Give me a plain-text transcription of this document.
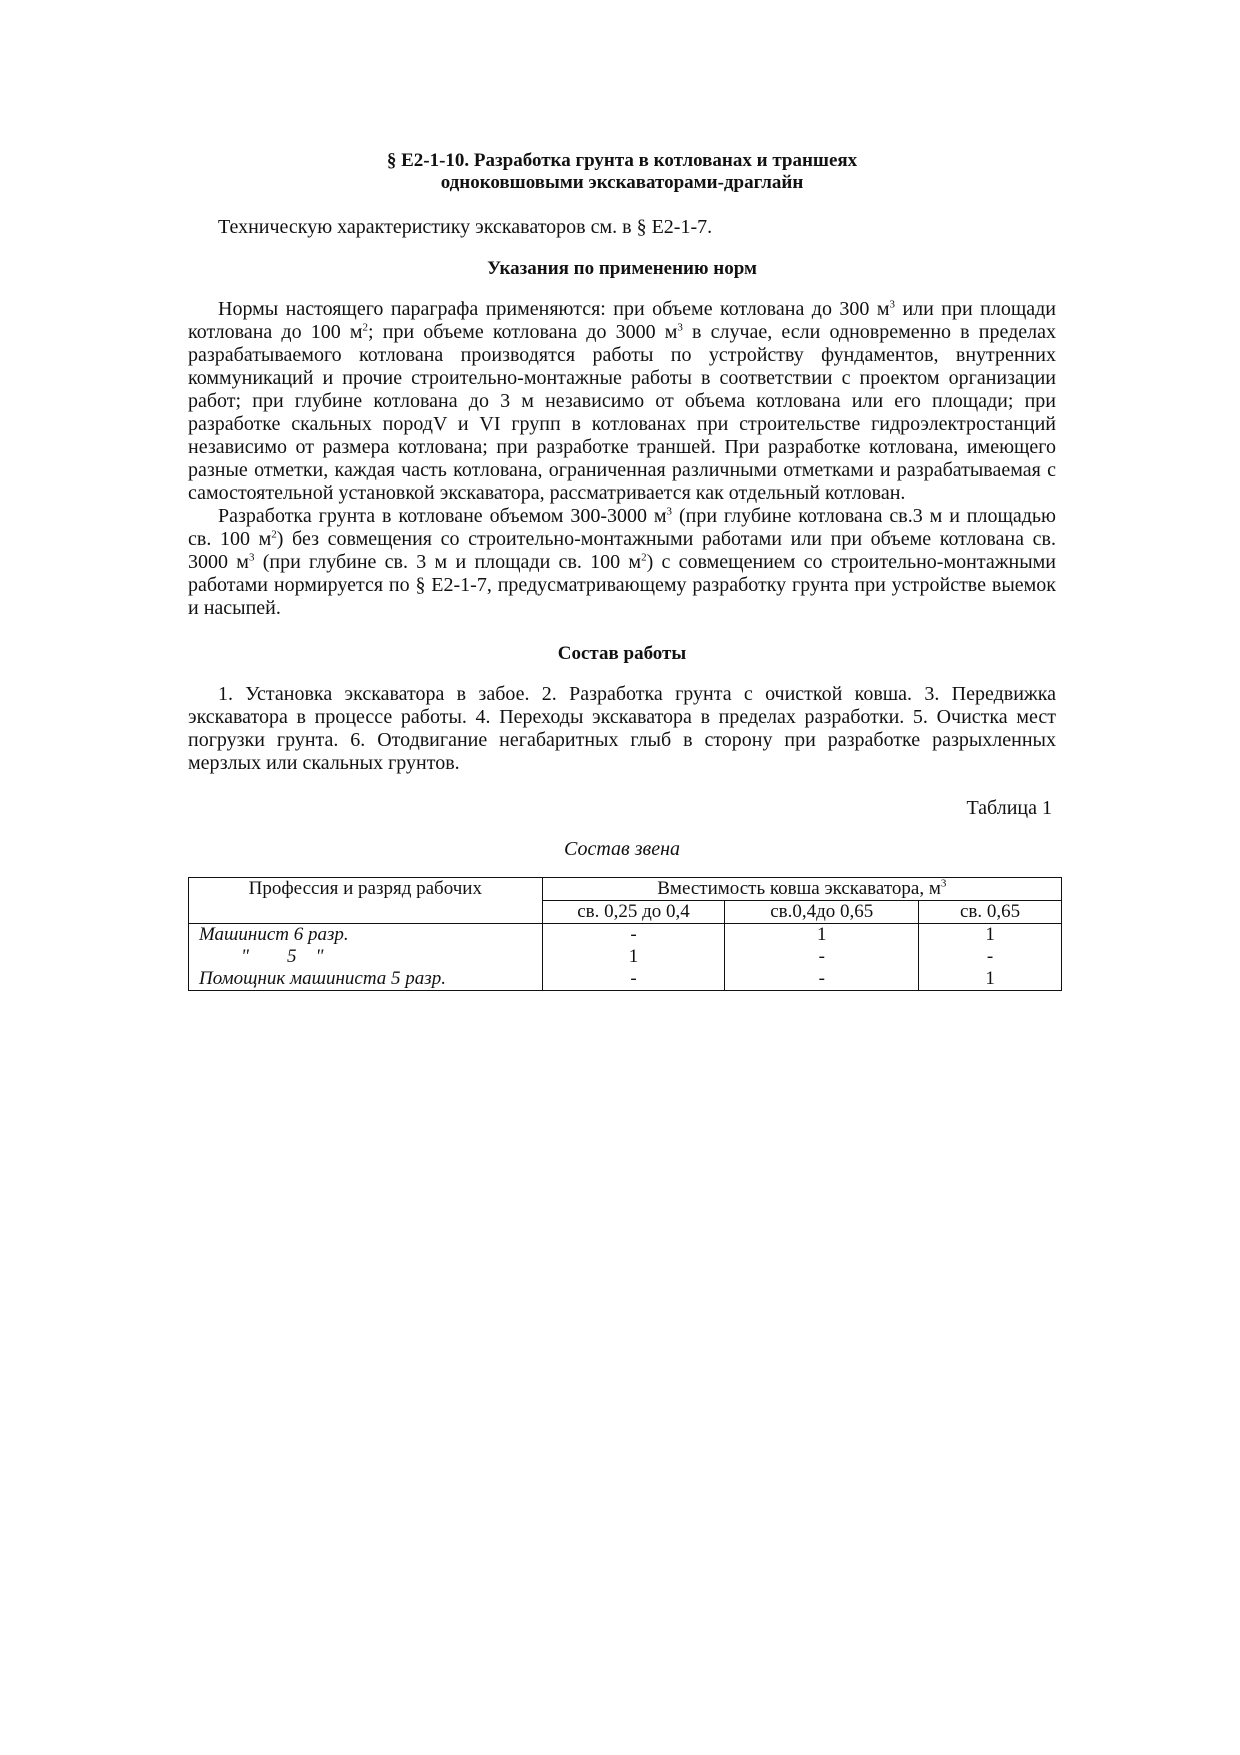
§ Е2-1-10. Разработка грунта в котлованах и траншеях
одноковшовыми экскаваторами-драглайн

Техническую характеристику экскаваторов см. в § Е2-1-7.

Указания по применению норм

Нормы настоящего параграфа применяются: при объеме котлована до 300 $м^3$ или при площади котлована до 100 $м^2$; при объеме котлована до 3000 $м^3$ в случае, если одновременно в пределах разрабатываемого котлована производятся работы по устройству фундаментов, внутренних коммуникаций и прочие строительно-монтажные работы в соответствии с проектом организации работ; при глубине котлована до 3 м независимо от объема котлована или его площади; при разработке скальных породV и VI групп в котлованах при строительстве гидроэлектростанций независимо от размера котлована; при разработке траншей. При разработке котлована, имеющего разные отметки, каждая часть котлована, ограниченная различными отметками и разрабатываемая с самостоятельной установкой экскаватора, рассматривается как отдельный котлован.

Разработка грунта в котловане объемом 300-3000 $м^3$ (при глубине котлована св.3 м и площадью св. 100 $м^2$) без совмещения со строительно-монтажными работами или при объеме котлована св. 3000 $м^3$ (при глубине св. 3 м и площади св. 100 $м^2$) с совмещением со строительно-монтажными работами нормируется по § Е2-1-7, предусматривающему разработку грунта при устройстве выемок и насыпей.

Состав работы

1. Установка экскаватора в забое. 2. Разработка грунта с очисткой ковша. 3. Передвижка экскаватора в процессе работы. 4. Переходы экскаватора в пределах разработки. 5. Очистка мест погрузки грунта. 6. Отодвигание негабаритных глыб в сторону при разработке разрыхленных мерзлых или скальных грунтов.

Таблица 1
Состав звена
Профессия и разряд рабочих	Вместимость ковша экскаватора, $м^3$
	св. 0,25 до 0,4	св.0,4до 0,65	св. 0,65
Машинист 6 разр.	-	1	1
"        5    "	1	-	-
Помощник машиниста 5 разр.	-	-	1
